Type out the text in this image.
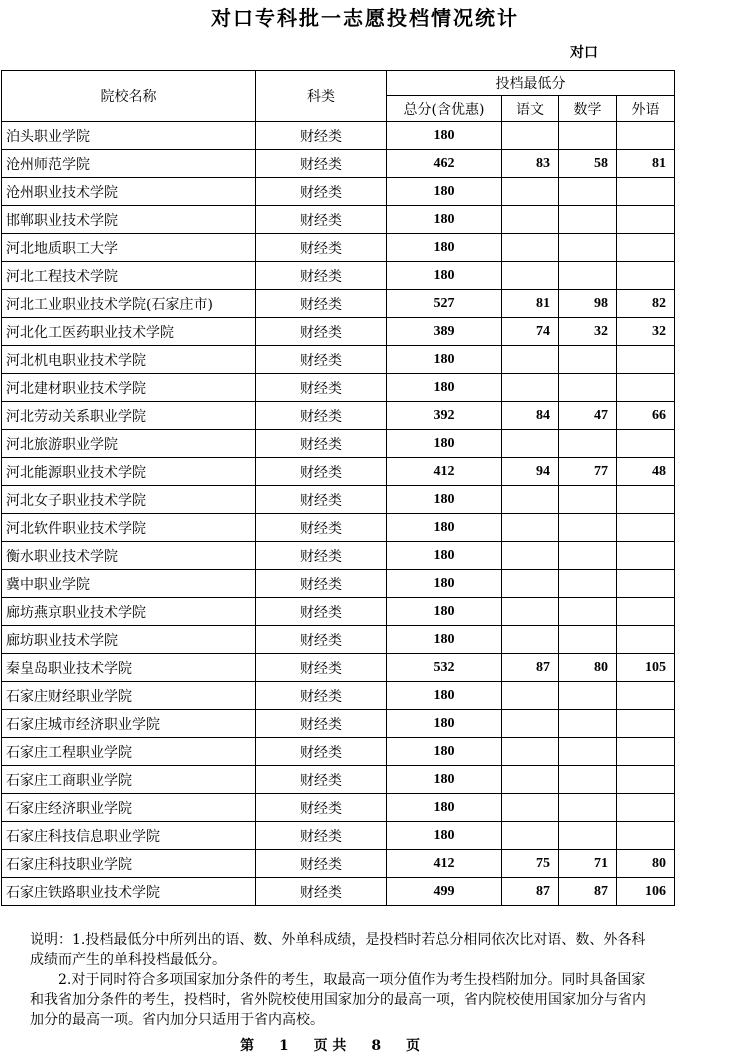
对口专科批一志愿投档情况统计
对口
院校名称	科类	投档最低分			
		总分(含优惠)	语文	数学	外语
泊头职业学院	财经类	180			
沧州师范学院	财经类	462	83	58	81
沧州职业技术学院	财经类	180			
邯郸职业技术学院	财经类	180			
河北地质职工大学	财经类	180			
河北工程技术学院	财经类	180			
河北工业职业技术学院(石家庄市)	财经类	527	81	98	82
河北化工医药职业技术学院	财经类	389	74	32	32
河北机电职业技术学院	财经类	180			
河北建材职业技术学院	财经类	180			
河北劳动关系职业学院	财经类	392	84	47	66
河北旅游职业学院	财经类	180			
河北能源职业技术学院	财经类	412	94	77	48
河北女子职业技术学院	财经类	180			
河北软件职业技术学院	财经类	180			
衡水职业技术学院	财经类	180			
冀中职业学院	财经类	180			
廊坊燕京职业技术学院	财经类	180			
廊坊职业技术学院	财经类	180			
秦皇岛职业技术学院	财经类	532	87	80	105
石家庄财经职业学院	财经类	180			
石家庄城市经济职业学院	财经类	180			
石家庄工程职业学院	财经类	180			
石家庄工商职业学院	财经类	180			
石家庄经济职业学院	财经类	180			
石家庄科技信息职业学院	财经类	180			
石家庄科技职业学院	财经类	412	75	71	80
石家庄铁路职业技术学院	财经类	499	87	87	106

说明：1.投档最低分中所列出的语、数、外单科成绩，是投档时若总分相同依次比对语、数、外各科成绩而产生的单科投档最低分。

2.对于同时符合多项国家加分条件的考生，取最高一项分值作为考生投档附加分。同时具备国家和我省加分条件的考生，投档时，省外院校使用国家加分的最高一项，省内院校使用国家加分与省内加分的最高一项。省内加分只适用于省内高校。

第 1 页 共 8 页
